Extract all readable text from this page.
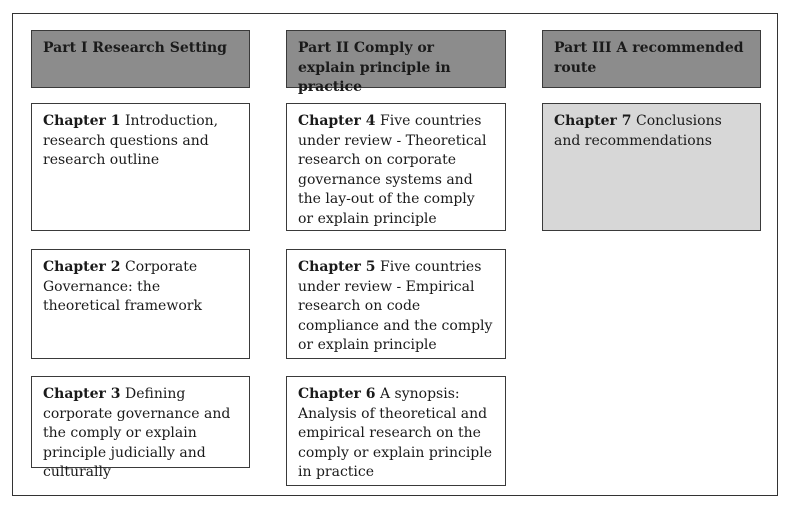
Part I Research Setting
Chapter 1 Introduction, research questions and research outline
Chapter 2 Corporate Governance: the theoretical framework
Chapter 3 Defining corporate governance and the comply or explain principle judicially and culturally
Part II Comply or explain principle in practice
Chapter 4 Five countries under review - Theoretical research on corporate governance systems and the lay-out of the comply or explain principle
Chapter 5 Five countries under review - Empirical research on code compliance and the comply or explain principle
Chapter 6 A synopsis: Analysis of theoretical and empirical research on the comply or explain principle in practice
Part III A recommended route
Chapter 7 Conclusions and recommendations
